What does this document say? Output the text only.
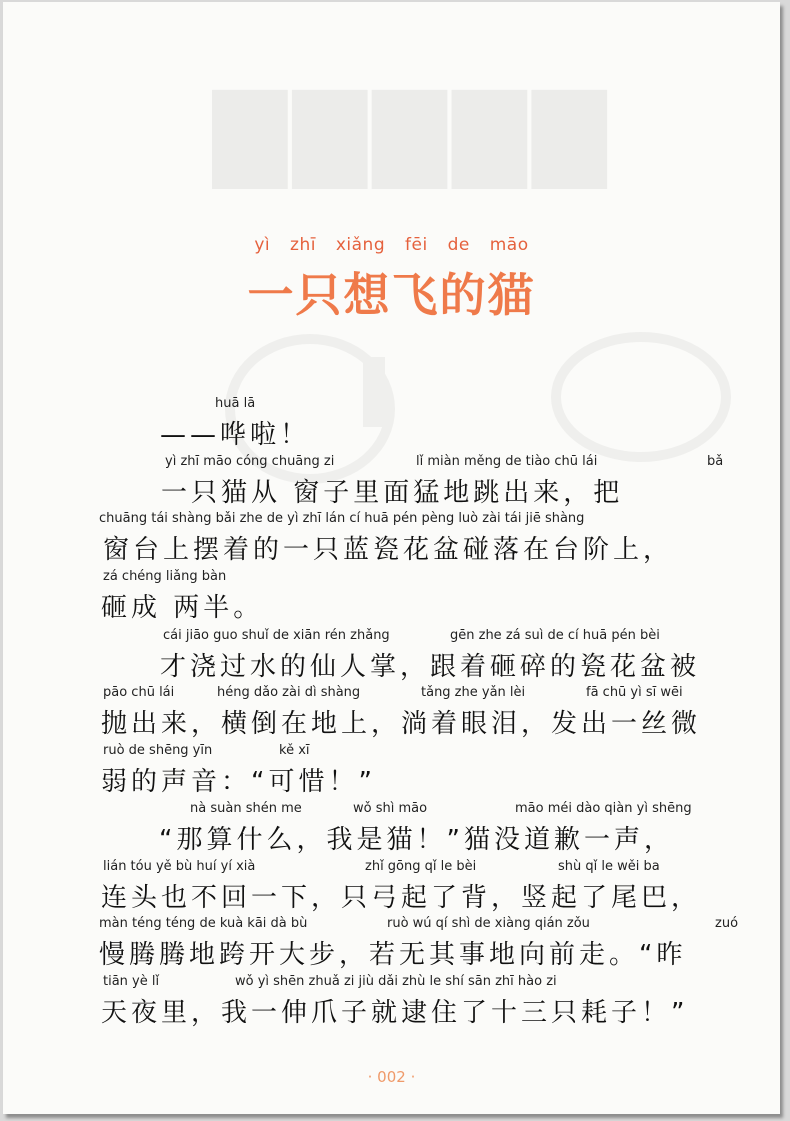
▇▇▇▇▇
yì zhī xiǎng fēi de māo
一只想飞的猫
huā lā
——哗啦！
yì zhī māo cóng chuāng zi	lǐ miàn měng de tiào chū lái	bǎ
一只猫从 窗子里面猛地跳出来，把
chuāng tái shàng bǎi zhe de yì zhī lán cí huā pén pèng luò zài tái jiē shàng
窗台上摆着的一只蓝瓷花盆碰落在台阶上，
zá chéng liǎng bàn
砸成 两半。
cái jiāo guo shuǐ de xiān rén zhǎng	gēn zhe zá suì de cí huā pén bèi
才浇过水的仙人掌，跟着砸碎的瓷花盆被
pāo chū lái	héng dǎo zài dì shàng	tǎng zhe yǎn lèi	fā chū yì sī wēi
抛出来，横倒在地上，淌着眼泪，发出一丝微
ruò de shēng yīn	kě xī
弱的声音：“可惜！”
nà suàn shén me	wǒ shì māo	māo méi dào qiàn yì shēng
“那算什么，我是猫！”猫没道歉一声，
lián tóu yě bù huí yí xià	zhǐ gōng qǐ le bèi	shù qǐ le wěi ba
连头也不回一下，只弓起了背，竖起了尾巴，
màn téng téng de kuà kāi dà bù	ruò wú qí shì de xiàng qián zǒu	zuó
慢腾腾地跨开大步，若无其事地向前走。“昨
tiān yè lǐ	wǒ yì shēn zhuǎ zi jiù dǎi zhù le shí sān zhī hào zi
天夜里，我一伸爪子就逮住了十三只耗子！”
· 002 ·
